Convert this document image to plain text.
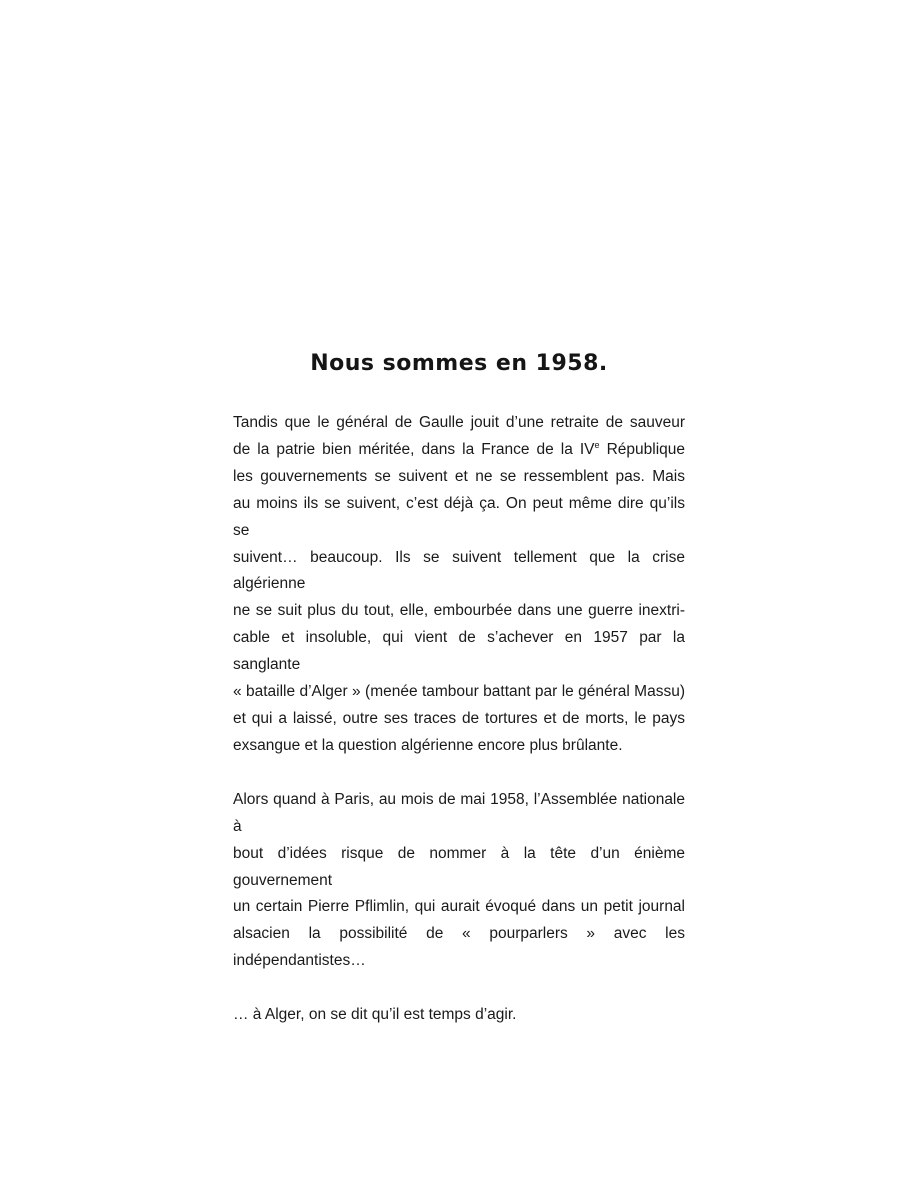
Nous sommes en 1958.

Tandis que le général de Gaulle jouit d’une retraite de sauveur
de la patrie bien méritée, dans la France de la IVe République
les gouvernements se suivent et ne se ressemblent pas. Mais
au moins ils se suivent, c’est déjà ça. On peut même dire qu’ils se
suivent… beaucoup. Ils se suivent tellement que la crise algérienne
ne se suit plus du tout, elle, embourbée dans une guerre inextri-
cable et insoluble, qui vient de s’achever en 1957 par la sanglante
« bataille d’Alger » (menée tambour battant par le général Massu)
et qui a laissé, outre ses traces de tortures et de morts, le pays
exsangue et la question algérienne encore plus brûlante.

Alors quand à Paris, au mois de mai 1958, l’Assemblée nationale à
bout d’idées risque de nommer à la tête d’un énième gouvernement
un certain Pierre Pflimlin, qui aurait évoqué dans un petit journal
alsacien la possibilité de « pourparlers » avec les indépendantistes…

… à Alger, on se dit qu’il est temps d’agir.
